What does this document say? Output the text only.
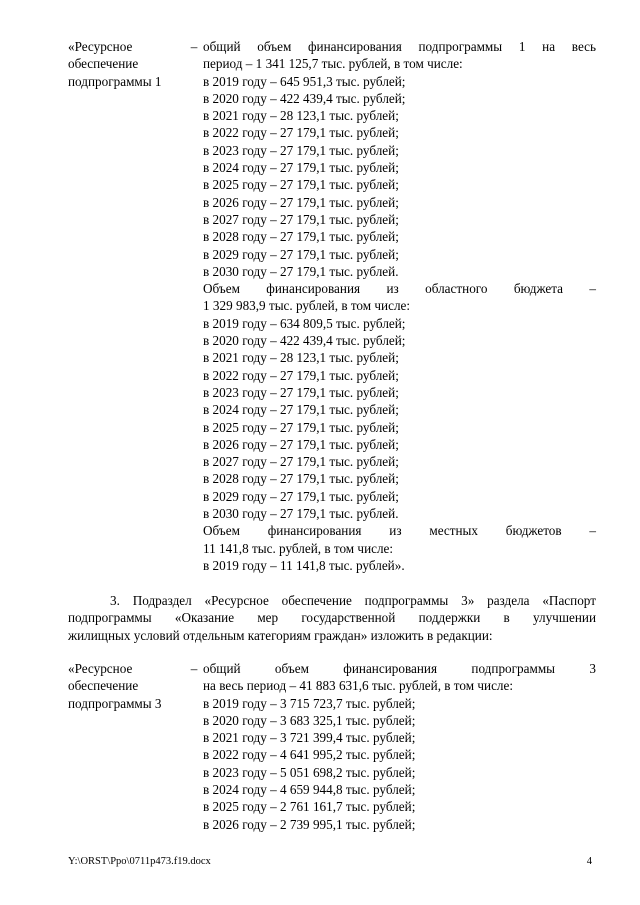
«Ресурсное
обеспечение
подпрограммы 1
– общий объем финансирования подпрограммы 1 на весь
период – 1 341 125,7 тыс. рублей, в том числе:
в 2019 году – 645 951,3 тыс. рублей;
в 2020 году – 422 439,4 тыс. рублей;
в 2021 году – 28 123,1 тыс. рублей;
в 2022 году – 27 179,1 тыс. рублей;
в 2023 году – 27 179,1 тыс. рублей;
в 2024 году – 27 179,1 тыс. рублей;
в 2025 году – 27 179,1 тыс. рублей;
в 2026 году – 27 179,1 тыс. рублей;
в 2027 году – 27 179,1 тыс. рублей;
в 2028 году – 27 179,1 тыс. рублей;
в 2029 году – 27 179,1 тыс. рублей;
в 2030 году – 27 179,1 тыс. рублей.
Объем финансирования из областного бюджета –
1 329 983,9 тыс. рублей, в том числе:
в 2019 году – 634 809,5 тыс. рублей;
в 2020 году – 422 439,4 тыс. рублей;
в 2021 году – 28 123,1 тыс. рублей;
в 2022 году – 27 179,1 тыс. рублей;
в 2023 году – 27 179,1 тыс. рублей;
в 2024 году – 27 179,1 тыс. рублей;
в 2025 году – 27 179,1 тыс. рублей;
в 2026 году – 27 179,1 тыс. рублей;
в 2027 году – 27 179,1 тыс. рублей;
в 2028 году – 27 179,1 тыс. рублей;
в 2029 году – 27 179,1 тыс. рублей;
в 2030 году – 27 179,1 тыс. рублей.
Объем финансирования из местных бюджетов –
11 141,8 тыс. рублей, в том числе:
в 2019 году – 11 141,8 тыс. рублей».
3. Подраздел «Ресурсное обеспечение подпрограммы 3» раздела «Паспорт
подпрограммы «Оказание мер государственной поддержки в улучшении
жилищных условий отдельным категориям граждан» изложить в редакции:
«Ресурсное
обеспечение
подпрограммы 3
– общий объем финансирования подпрограммы 3
на весь период – 41 883 631,6 тыс. рублей, в том числе:
в 2019 году – 3 715 723,7 тыс. рублей;
в 2020 году – 3 683 325,1 тыс. рублей;
в 2021 году – 3 721 399,4 тыс. рублей;
в 2022 году – 4 641 995,2 тыс. рублей;
в 2023 году – 5 051 698,2 тыс. рублей;
в 2024 году – 4 659 944,8 тыс. рублей;
в 2025 году – 2 761 161,7 тыс. рублей;
в 2026 году – 2 739 995,1 тыс. рублей;
Y:\ORST\Ppo\0711p473.f19.docx	4
